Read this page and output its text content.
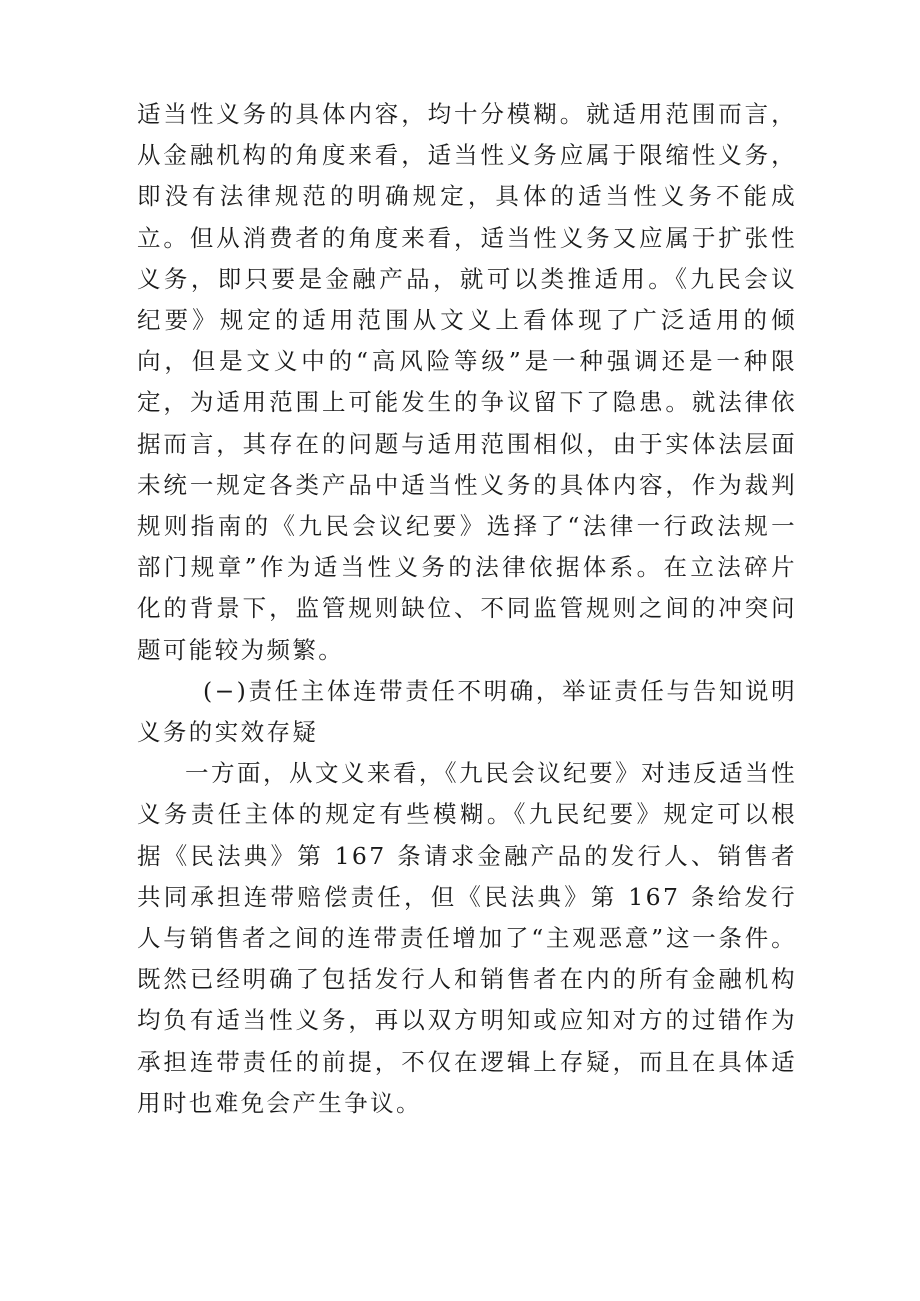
适当性义务的具体内容，均十分模糊。就适用范围而言，从金融机构的角度来看，适当性义务应属于限缩性义务，即没有法律规范的明确规定，具体的适当性义务不能成立。但从消费者的角度来看，适当性义务又应属于扩张性义务，即只要是金融产品，就可以类推适用。《九民会议纪要》规定的适用范围从文义上看体现了广泛适用的倾向，但是文义中的“高风险等级”是一种强调还是一种限定，为适用范围上可能发生的争议留下了隐患。就法律依据而言，其存在的问题与适用范围相似，由于实体法层面未统一规定各类产品中适当性义务的具体内容，作为裁判规则指南的《九民会议纪要》选择了“法律一行政法规一部门规章”作为适当性义务的法律依据体系。在立法碎片化的背景下，监管规则缺位、不同监管规则之间的冲突问题可能较为频繁。

(−)责任主体连带责任不明确，举证责任与告知说明义务的实效存疑

一方面，从文义来看，《九民会议纪要》对违反适当性义务责任主体的规定有些模糊。《九民纪要》规定可以根据《民法典》第 167 条请求金融产品的发行人、销售者共同承担连带赔偿责任，但《民法典》第 167 条给发行人与销售者之间的连带责任增加了“主观恶意”这一条件。既然已经明确了包括发行人和销售者在内的所有金融机构均负有适当性义务，再以双方明知或应知对方的过错作为承担连带责任的前提，不仅在逻辑上存疑，而且在具体适用时也难免会产生争议。
